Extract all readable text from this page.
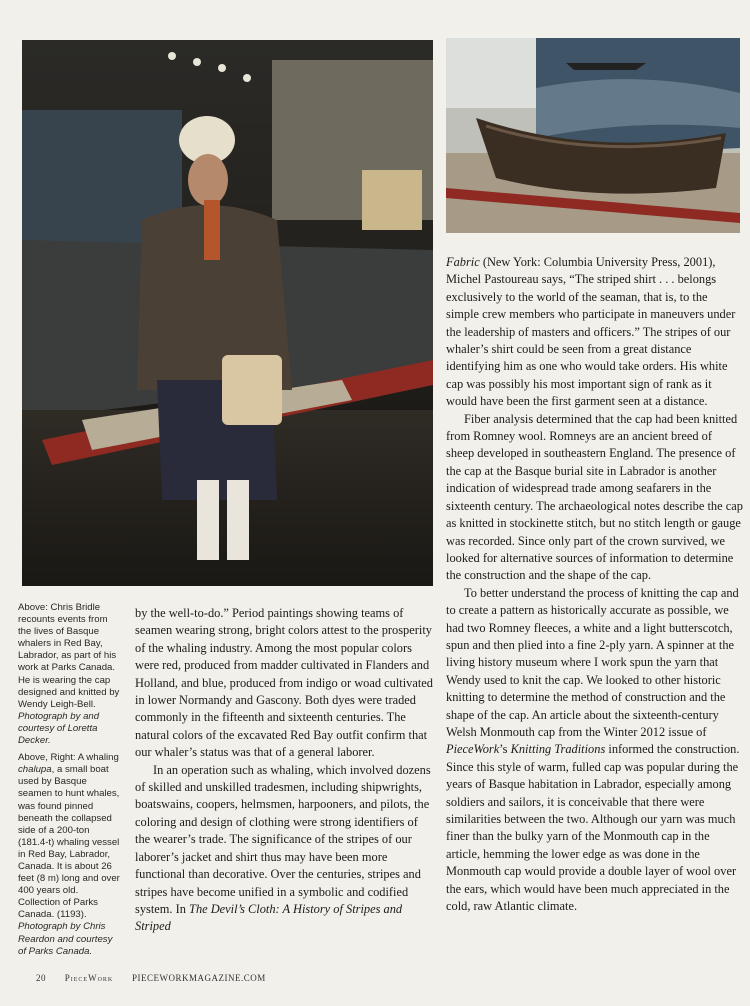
Above: Chris Bridle recounts events from the lives of Basque whalers in Red Bay, Labrador, as part of his work at Parks Canada. He is wearing the cap designed and knitted by Wendy Leigh-Bell. Photograph by and courtesy of Loretta Decker.

Above, Right: A whaling chalupa, a small boat used by Basque seamen to hunt whales, was found pinned beneath the collapsed side of a 200-ton (181.4-t) whaling vessel in Red Bay, Labrador, Canada. It is about 26 feet (8 m) long and over 400 years old. Collection of Parks Canada. (1193). Photograph by Chris Reardon and courtesy of Parks Canada.

by the well-to-do.” Period paintings showing teams of seamen wearing strong, bright colors attest to the prosperity of the whaling industry. Among the most popular colors were red, produced from madder cultivated in Flanders and Holland, and blue, produced from indigo or woad cultivated in lower Normandy and Gascony. Both dyes were traded commonly in the fifteenth and sixteenth centuries. The natural colors of the excavated Red Bay outfit confirm that our whaler’s status was that of a general laborer.

In an operation such as whaling, which involved dozens of skilled and unskilled tradesmen, including shipwrights, boatswains, coopers, helmsmen, harpooners, and pilots, the coloring and design of clothing were strong identifiers of the wearer’s trade. The significance of the stripes of our laborer’s jacket and shirt thus may have been more functional than decorative. Over the centuries, stripes and stripes have become unified in a symbolic and codified system. In The Devil’s Cloth: A History of Stripes and Striped

Fabric (New York: Columbia University Press, 2001), Michel Pastoureau says, “The striped shirt . . . belongs exclusively to the world of the seaman, that is, to the simple crew members who participate in maneuvers under the leadership of masters and officers.” The stripes of our whaler’s shirt could be seen from a great distance identifying him as one who would take orders. His white cap was possibly his most important sign of rank as it would have been the first garment seen at a distance.

Fiber analysis determined that the cap had been knitted from Romney wool. Romneys are an ancient breed of sheep developed in southeastern England. The presence of the cap at the Basque burial site in Labrador is another indication of widespread trade among seafarers in the sixteenth century. The archaeological notes describe the cap as knitted in stockinette stitch, but no stitch length or gauge was recorded. Since only part of the crown survived, we looked for alternative sources of information to determine the construction and the shape of the cap.

To better understand the process of knitting the cap and to create a pattern as historically accurate as possible, we had two Romney fleeces, a white and a light butterscotch, spun and then plied into a fine 2-ply yarn. A spinner at the living history museum where I work spun the yarn that Wendy used to knit the cap. We looked to other historic knitting to determine the method of construction and the shape of the cap. An article about the sixteenth-century Welsh Monmouth cap from the Winter 2012 issue of PieceWork’s Knitting Traditions informed the construction. Since this style of warm, fulled cap was popular during the years of Basque habitation in Labrador, especially among soldiers and sailors, it is conceivable that there were similarities between the two. Although our yarn was much finer than the bulky yarn of the Monmouth cap in the article, hemming the lower edge as was done in the Monmouth cap would provide a double layer of wool over the ears, which would have been much appreciated in the cold, raw Atlantic climate.

20 PieceWork PIECEWORKMAGAZINE.COM
